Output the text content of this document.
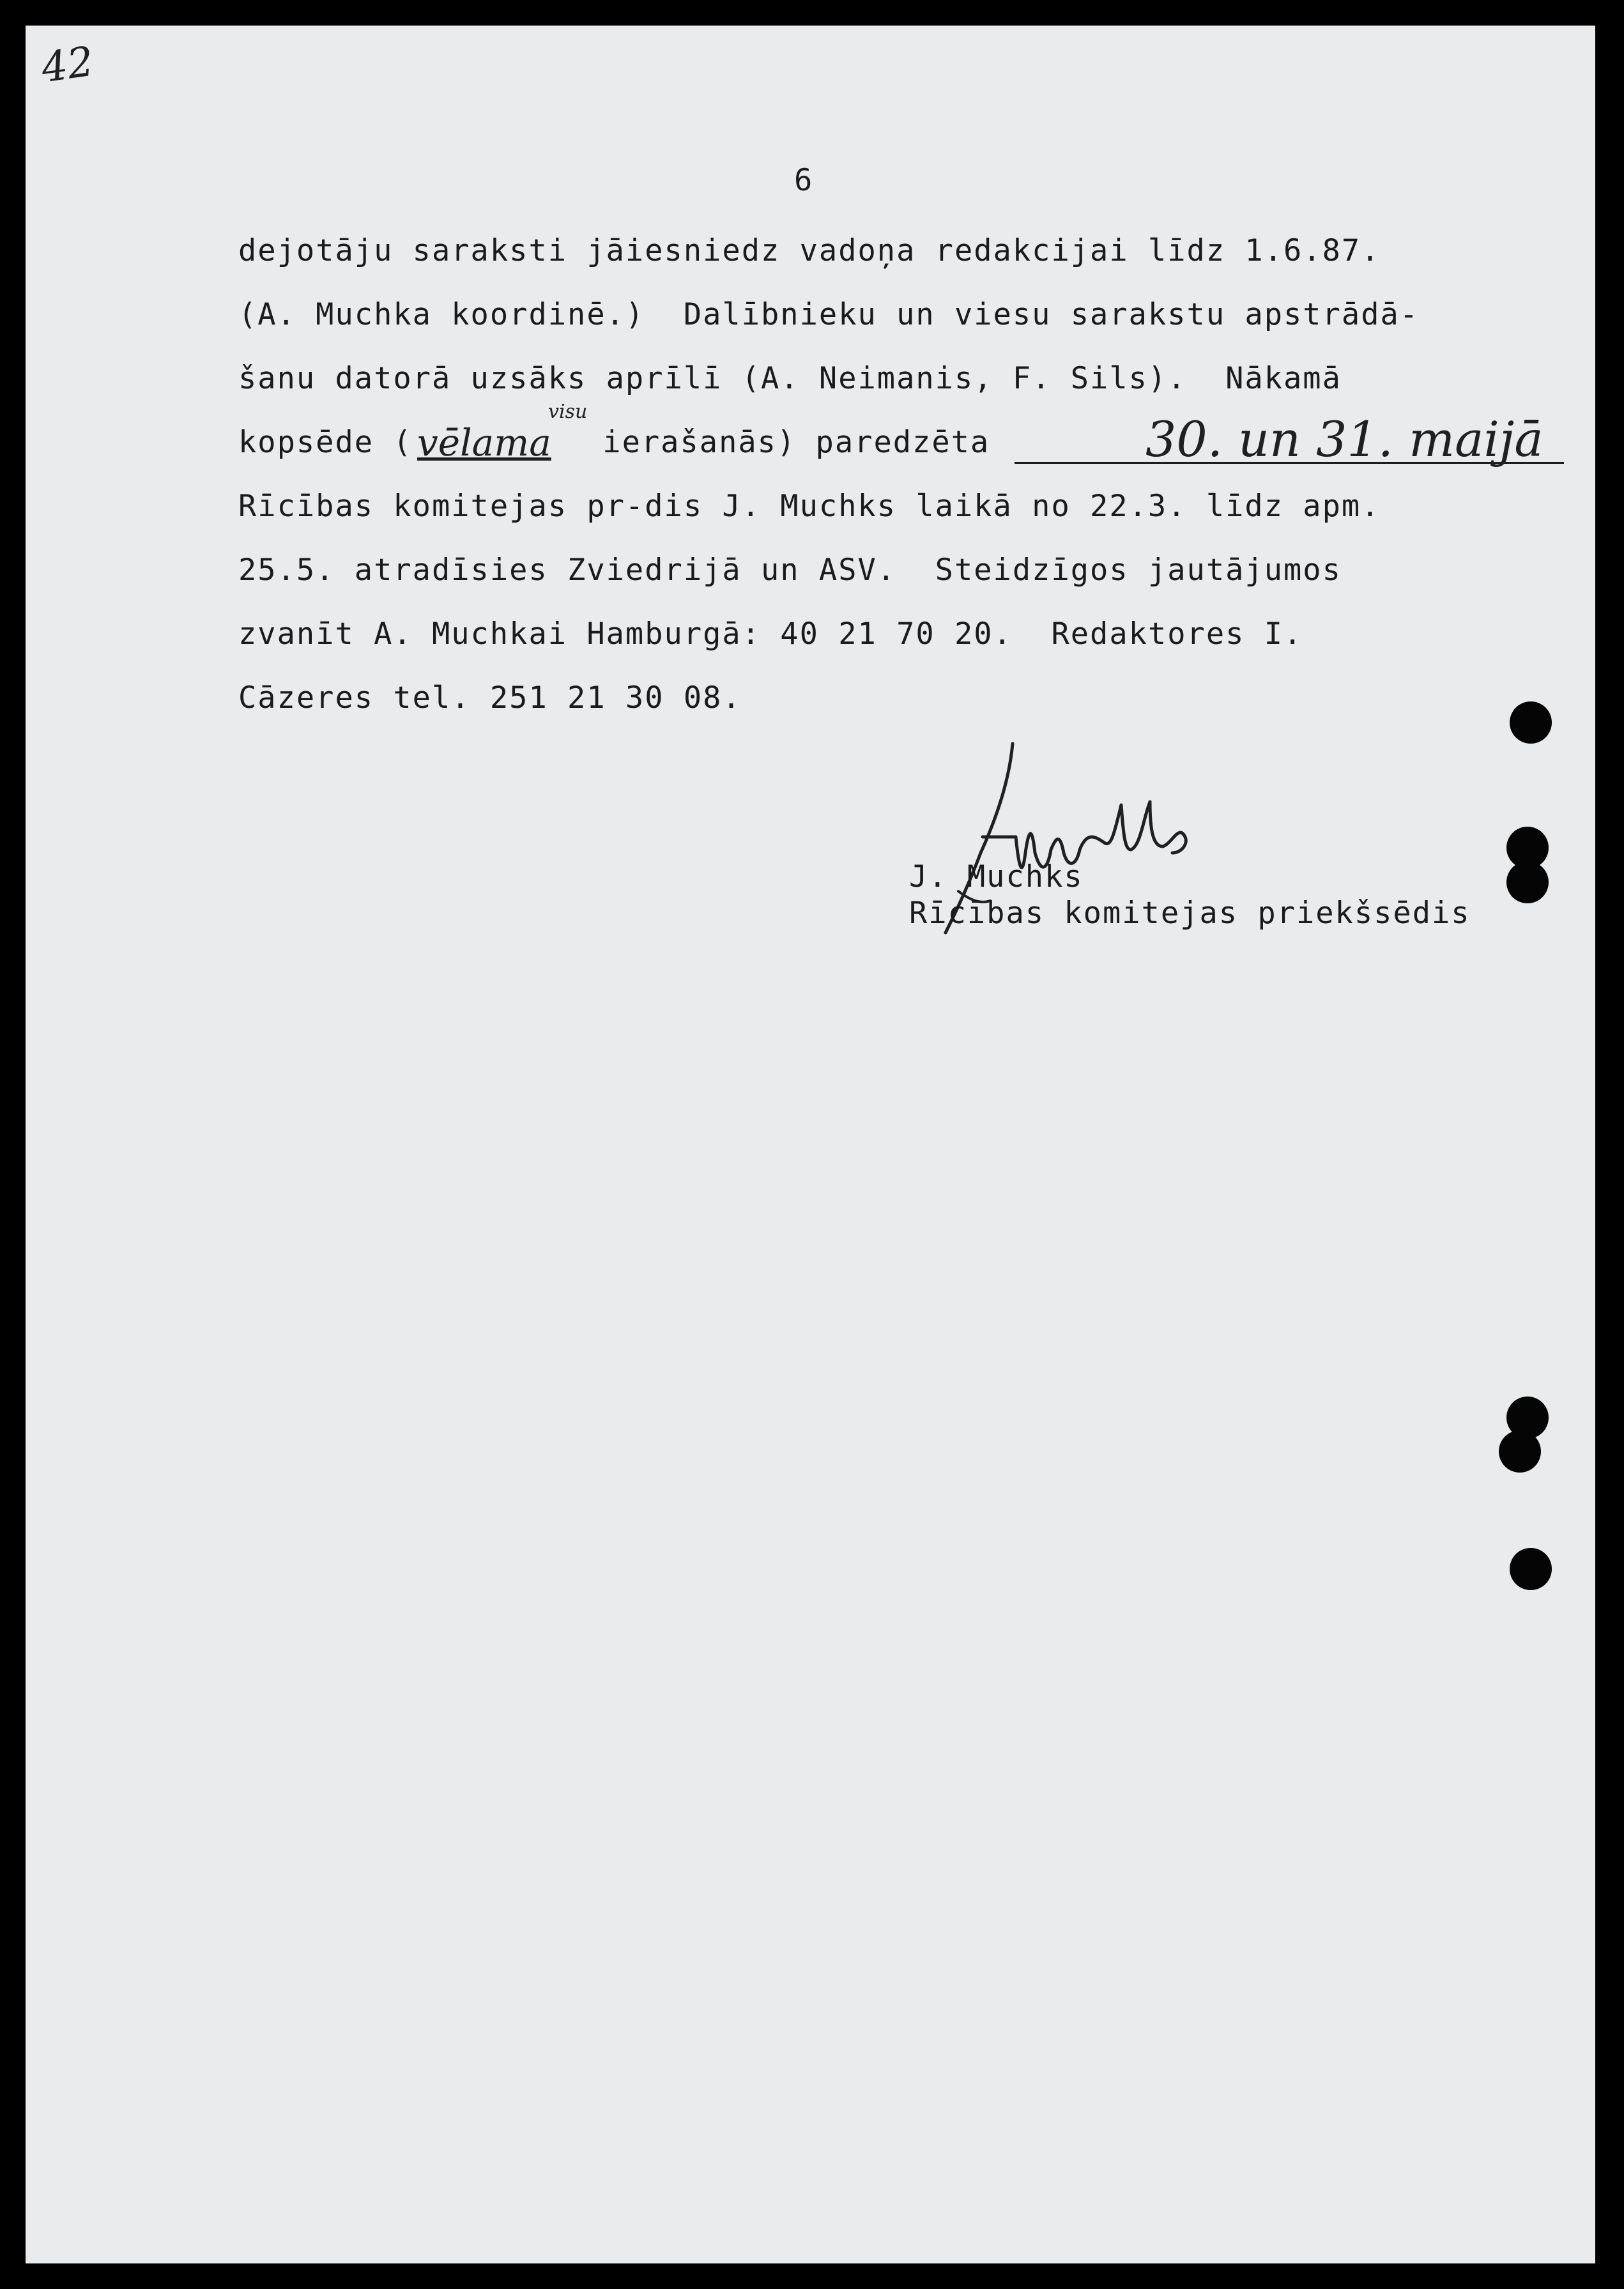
42
6
dejotāju saraksti jāiesniedz vadoņa redakcijai līdz 1.6.87.
(A. Muchka koordinē.)  Dalībnieku un viesu sarakstu apstrādā-
šanu datorā uzsāks aprīlī (A. Neimanis, F. Sils).  Nākamā
kopsēde ( vēlama
visu
ierašanās) paredzēta	30. un 31. maijā
Rīcības komitejas pr-dis J. Muchks laikā no 22.3. līdz apm.
25.5. atradīsies Zviedrijā un ASV.  Steidzīgos jautājumos
zvanīt A. Muchkai Hamburgā: 40 21 70 20.  Redaktores I.
Cāzeres tel. 251 21 30 08.
J. Muchks
Rīcības komitejas priekšsēdis
